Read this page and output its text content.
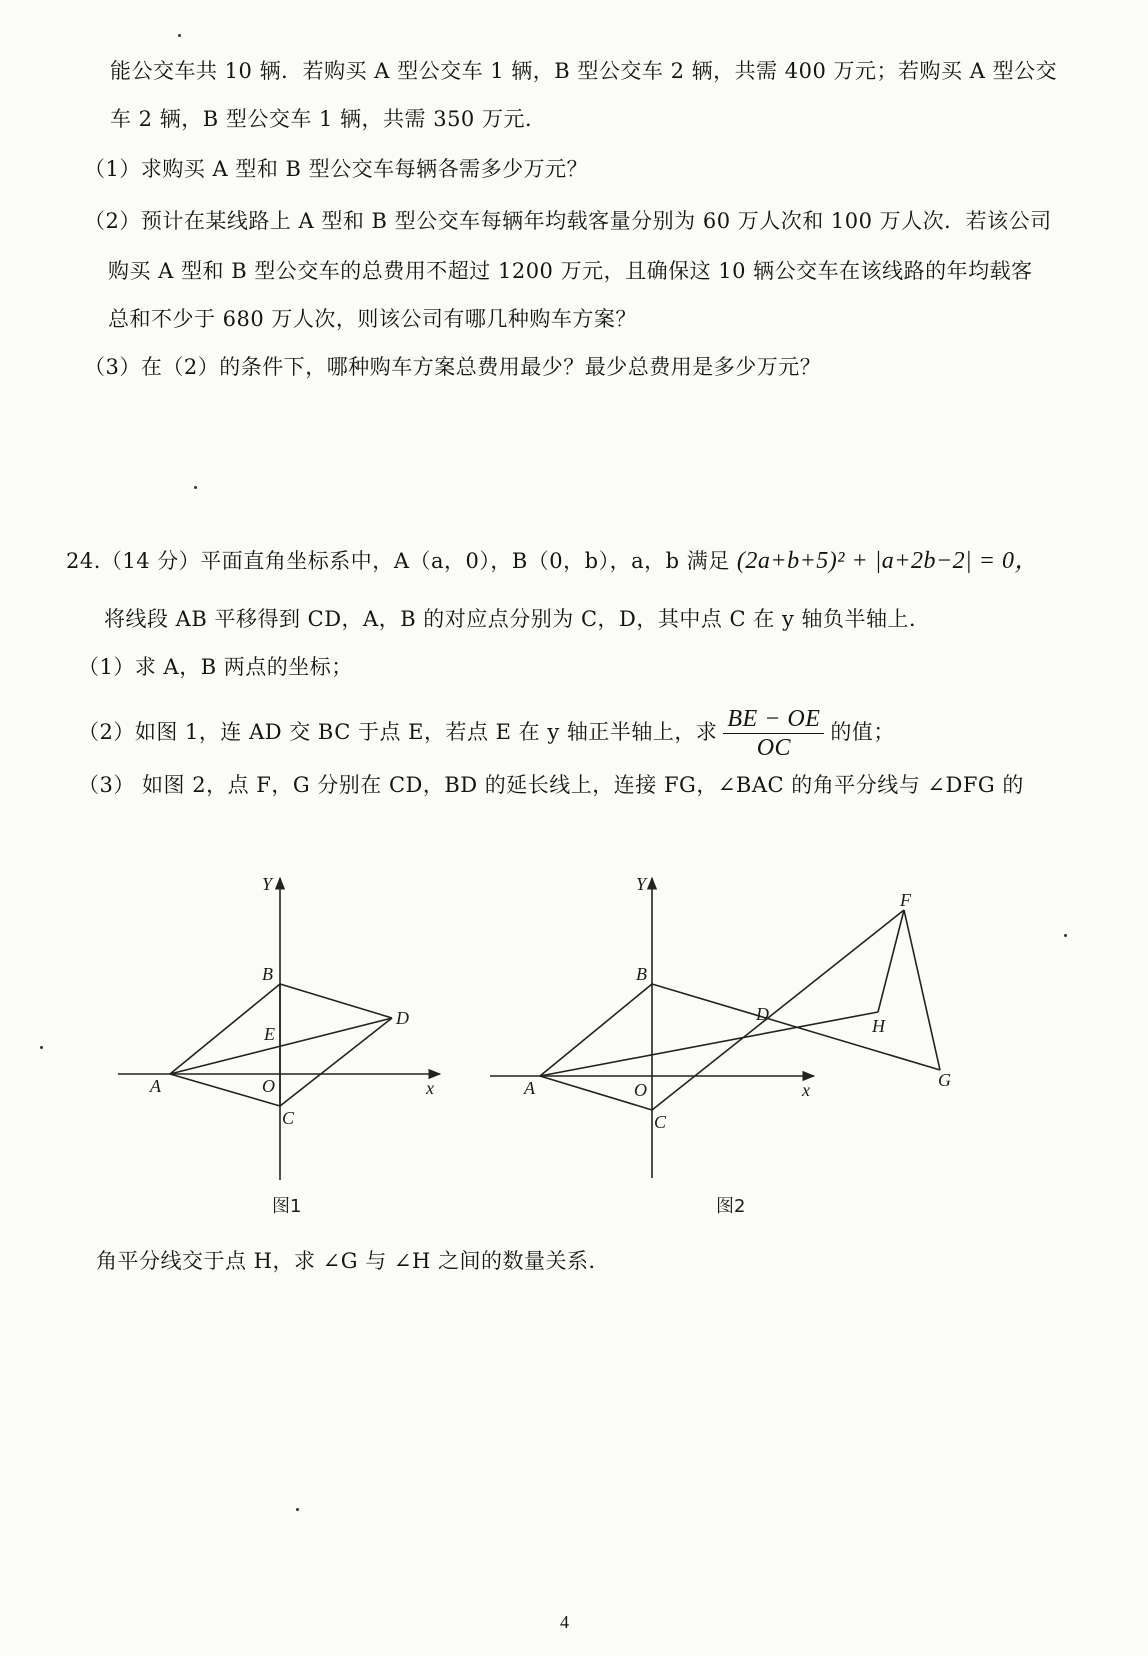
能公交车共 10 辆．若购买 A 型公交车 1 辆，B 型公交车 2 辆，共需 400 万元；若购买 A 型公交
车 2 辆，B 型公交车 1 辆，共需 350 万元．
（1）求购买 A 型和 B 型公交车每辆各需多少万元？
（2）预计在某线路上 A 型和 B 型公交车每辆年均载客量分别为 60 万人次和 100 万人次．若该公司
购买 A 型和 B 型公交车的总费用不超过 1200 万元，且确保这 10 辆公交车在该线路的年均载客
总和不少于 680 万人次，则该公司有哪几种购车方案？
（3）在（2）的条件下，哪种购车方案总费用最少？最少总费用是多少万元？
24.（14 分）平面直角坐标系中，A（a，0），B（0，b），a，b 满足 (2a+b+5)² + |a+2b−2| = 0，
将线段 AB 平移得到 CD，A，B 的对应点分别为 C，D，其中点 C 在 y 轴负半轴上．
（1）求 A，B 两点的坐标；
（2）如图 1，连 AD 交 BC 于点 E，若点 E 在 y 轴正半轴上，求 $\frac{BE - OE}{OC}$ 的值；
（3） 如图 2，点 F，G 分别在 CD，BD 的延长线上，连接 FG，∠BAC 的角平分线与 ∠DFG 的
Y
x
A
B
E
D
O
C
图1
Y
x
A
B
D
F
H
G
O
C
图2
角平分线交于点 H，求 ∠G 与 ∠H 之间的数量关系．
4
